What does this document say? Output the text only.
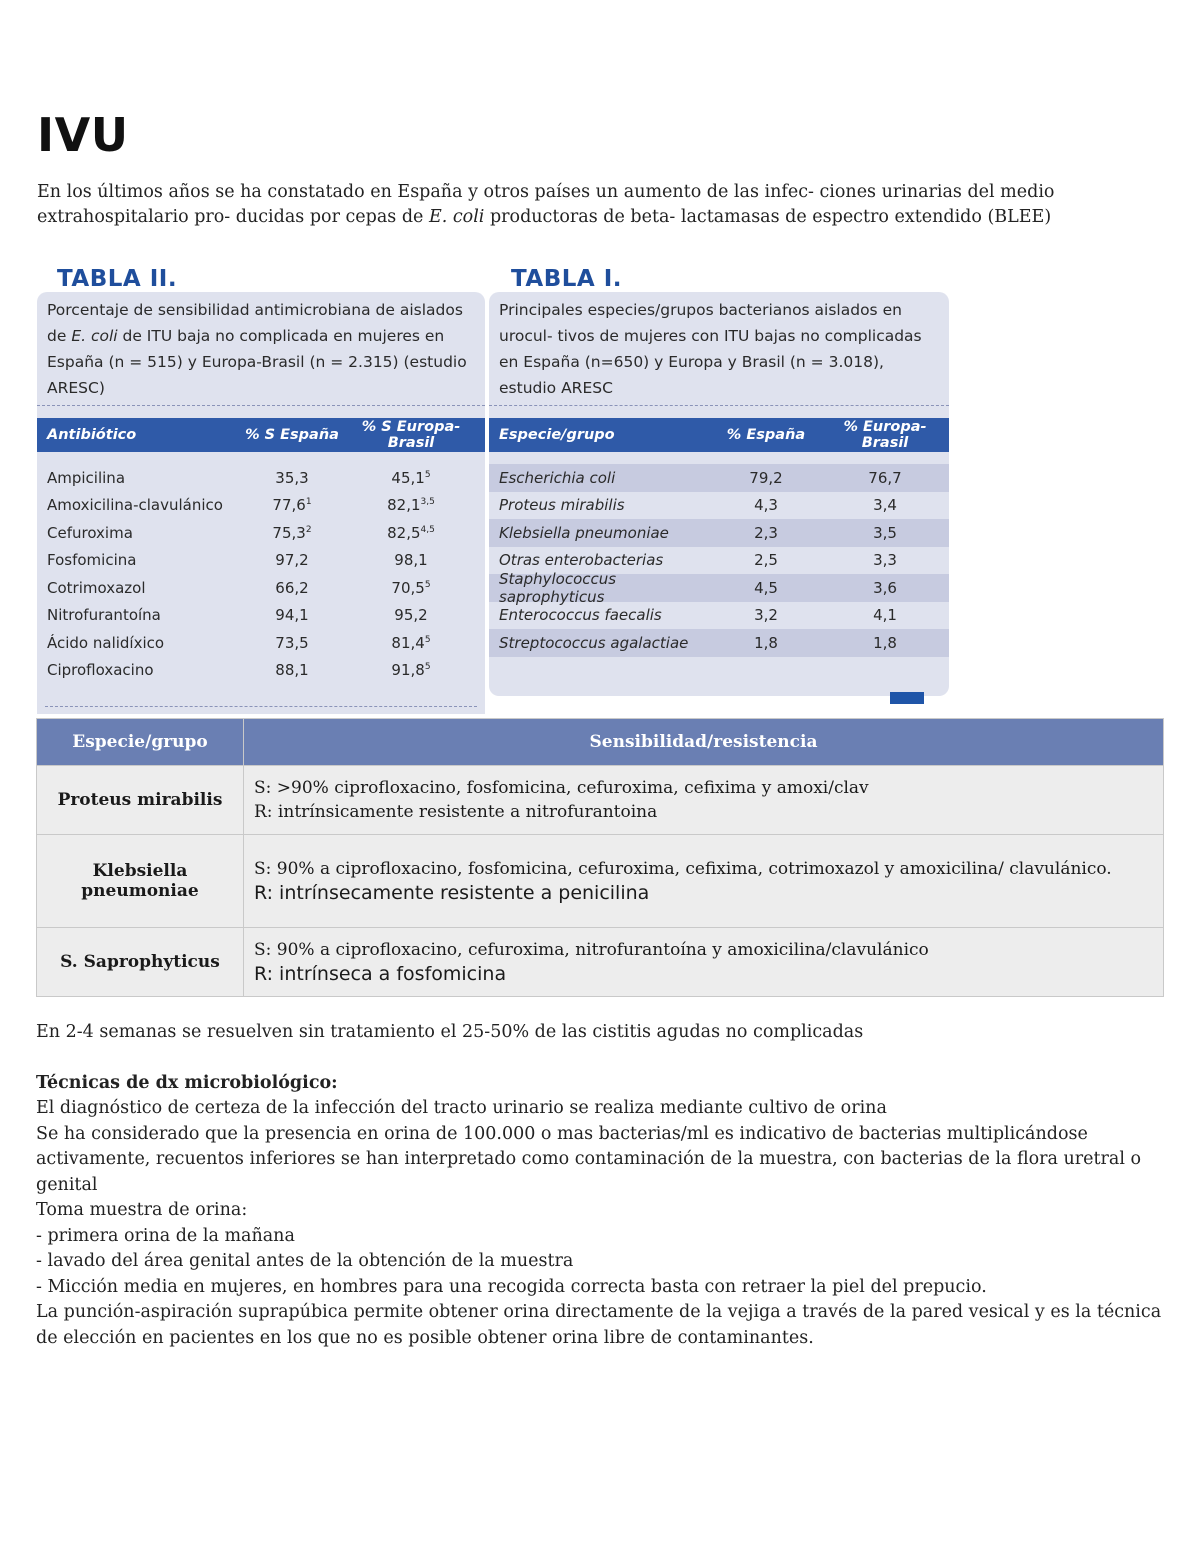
IVU
En los últimos años se ha constatado en España y otros países un aumento de las infec- ciones urinarias del medio extrahospitalario pro- ducidas por cepas de E. coli productoras de beta- lactamasas de espectro extendido (BLEE)
TABLA II.
Porcentaje de sensibilidad antimicrobiana de aislados de E. coli de ITU baja no complicada en mujeres en España (n = 515) y Europa-Brasil (n = 2.315) (estudio ARESC)
Antibiótico	% S España	% S Europa-Brasil
Ampicilina	35,3	45,1$^5$
Amoxicilina-clavulánico	77,6$^1$	82,1$^{3,5}$
Cefuroxima	75,3$^2$	82,5$^{4,5}$
Fosfomicina	97,2	98,1
Cotrimoxazol	66,2	70,5$^5$
Nitrofurantoína	94,1	95,2
Ácido nalidíxico	73,5	81,4$^5$
Ciprofloxacino	88,1	91,8$^5$
TABLA I.
Principales especies/grupos bacterianos aislados en urocul- tivos de mujeres con ITU bajas no complicadas en España (n=650) y Europa y Brasil (n = 3.018), estudio ARESC
Especie/grupo	% España	% Europa-Brasil
Escherichia coli	79,2	76,7
Proteus mirabilis	4,3	3,4
Klebsiella pneumoniae	2,3	3,5
Otras enterobacterias	2,5	3,3
Staphylococcus saprophyticus	4,5	3,6
Enterococcus faecalis	3,2	4,1
Streptococcus agalactiae	1,8	1,8
Especie/grupo	Sensibilidad/resistencia
Proteus mirabilis	S: >90% ciprofloxacino, fosfomicina, cefuroxima, cefixima y amoxi/clav
R: intrínsicamente resistente a nitrofurantoina

Klebsiella pneumoniae	S: 90% a ciprofloxacino, fosfomicina, cefuroxima, cefixima, cotrimoxazol y amoxicilina/ clavulánico.
R: intrínsecamente resistente a penicilina

S. Saprophyticus	S: 90% a ciprofloxacino, cefuroxima, nitrofurantoína y amoxicilina/clavulánico
R: intrínseca a fosfomicina

En 2-4 semanas se resuelven sin tratamiento el 25-50% de las cistitis agudas no complicadas

Técnicas de dx microbiológico:

El diagnóstico de certeza de la infección del tracto urinario se realiza mediante cultivo de orina

Se ha considerado que la presencia en orina de 100.000 o mas bacterias/ml es indicativo de bacterias multiplicándose activamente, recuentos inferiores se han interpretado como contaminación de la muestra, con bacterias de la flora uretral o genital

Toma muestra de orina:

- primera orina de la mañana

- lavado del área genital antes de la obtención de la muestra

- Micción media en mujeres, en hombres para una recogida correcta basta con retraer la piel del prepucio.

La punción-aspiración suprapúbica permite obtener orina directamente de la vejiga a través de la pared vesical y es la técnica de elección en pacientes en los que no es posible obtener orina libre de contaminantes.
